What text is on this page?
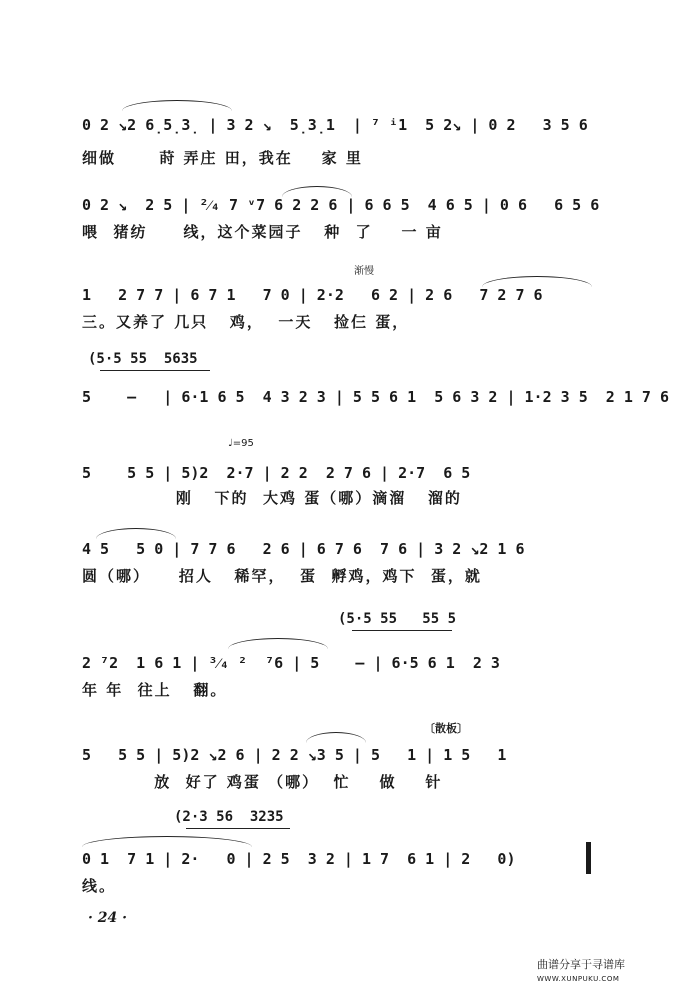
0 2 ↘2 6̣5̣3̣ | 3 2 ↘  5̣3̣1  | ⁷ ⁱ1  5 2↘ | 0 2   3 5 6
细做      莳 弄庄 田，我在    家 里
0 2 ↘  2 5 | ²⁄₄ 7 ᵛ7 6 2 2 6 | 6 6 5  4 6 5 | 0 6   6 5 6
喂  猪纺     线，这个菜园子   种  了    一 亩
渐慢
1   2 7 7 | 6 7 1   7 0 | 2·2   6 2 | 2 6   7 2 7 6
三。又养了 几只   鸡，  一天   捡仨 蛋，
(5·5 55  5635
5    —   | 6·1 6 5  4 3 2 3 | 5 5 6 1  5 6 3 2 | 1·2 3 5  2 1 7 6
♩=95
5    5 5 | 5)2  2·7 | 2 2  2 7 6 | 2·7  6 5
刚   下的  大鸡 蛋（哪）滴溜   溜的
4 5   5 0 | 7 7 6   2 6 | 6 7 6  7 6 | 3 2 ↘2 1 6
圆（哪）    招人   稀罕，  蛋  孵鸡，鸡下  蛋，就
(5·5 55   55 5
2 ⁷2  1 6 1 | ³⁄₄ ²  ⁷6 | 5    — | 6·5 6 1  2 3
年 年  往上   翻。
〔散板〕
5   5 5 | 5)2 ↘2 6 | 2 2 ↘3 5 | 5   1 | 1 5   1
放  好了 鸡蛋 （哪）  忙    做    针
(2·3 56  3235
0 1  7 1 | 2·   0 | 2 5  3 2 | 1 7  6 1 | 2   0)
线。
· 24 ·
曲谱分享于寻谱库
WWW.XUNPUKU.COM
